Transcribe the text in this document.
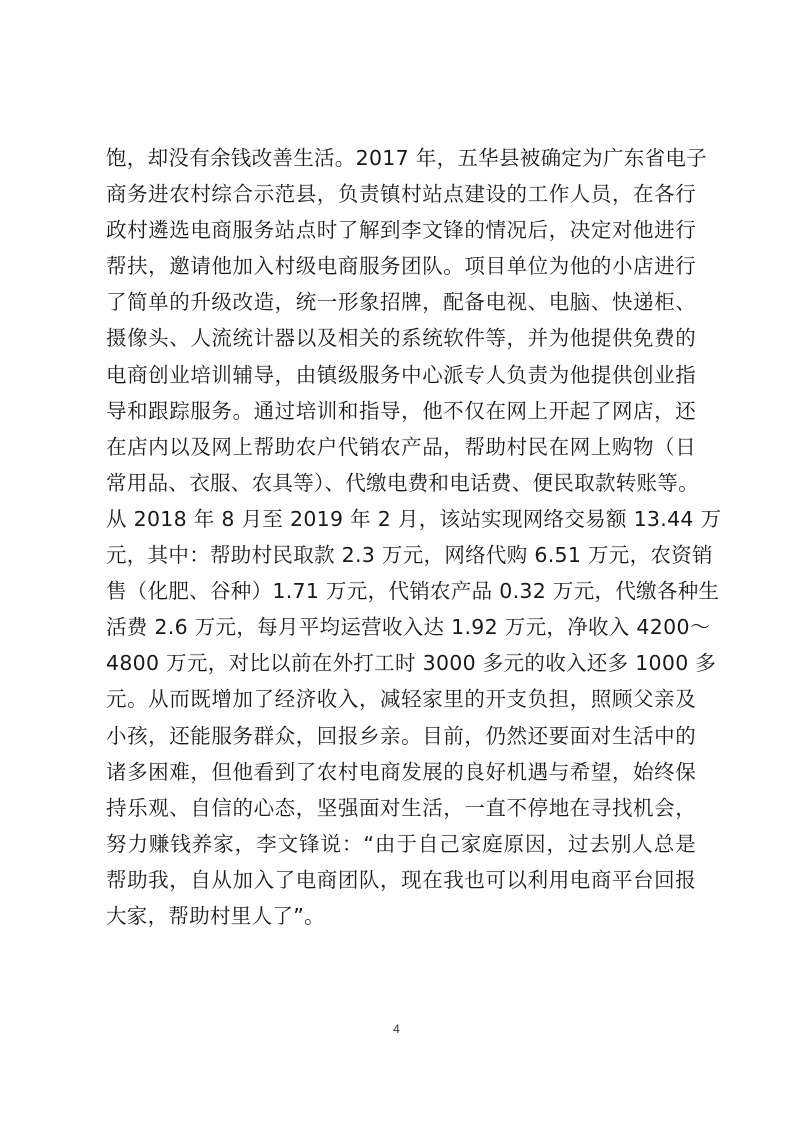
饱，却没有余钱改善生活。2017 年，五华县被确定为广东省电子
商务进农村综合示范县，负责镇村站点建设的工作人员，在各行
政村遴选电商服务站点时了解到李文锋的情况后，决定对他进行
帮扶，邀请他加入村级电商服务团队。项目单位为他的小店进行
了简单的升级改造，统一形象招牌，配备电视、电脑、快递柜、
摄像头、人流统计器以及相关的系统软件等，并为他提供免费的
电商创业培训辅导，由镇级服务中心派专人负责为他提供创业指
导和跟踪服务。通过培训和指导，他不仅在网上开起了网店，还
在店内以及网上帮助农户代销农产品，帮助村民在网上购物（日
常用品、衣服、农具等）、代缴电费和电话费、便民取款转账等。
从 2018 年 8 月至 2019 年 2 月，该站实现网络交易额 13.44 万
元，其中：帮助村民取款 2.3 万元，网络代购 6.51 万元，农资销
售（化肥、谷种）1.71 万元，代销农产品 0.32 万元，代缴各种生
活费 2.6 万元，每月平均运营收入达 1.92 万元，净收入 4200～
4800 万元，对比以前在外打工时 3000 多元的收入还多 1000 多
元。从而既增加了经济收入，减轻家里的开支负担，照顾父亲及
小孩，还能服务群众，回报乡亲。目前，仍然还要面对生活中的
诸多困难，但他看到了农村电商发展的良好机遇与希望，始终保
持乐观、自信的心态，坚强面对生活，一直不停地在寻找机会，
努力赚钱养家，李文锋说：“由于自己家庭原因，过去别人总是
帮助我，自从加入了电商团队，现在我也可以利用电商平台回报
大家，帮助村里人了”。
4
